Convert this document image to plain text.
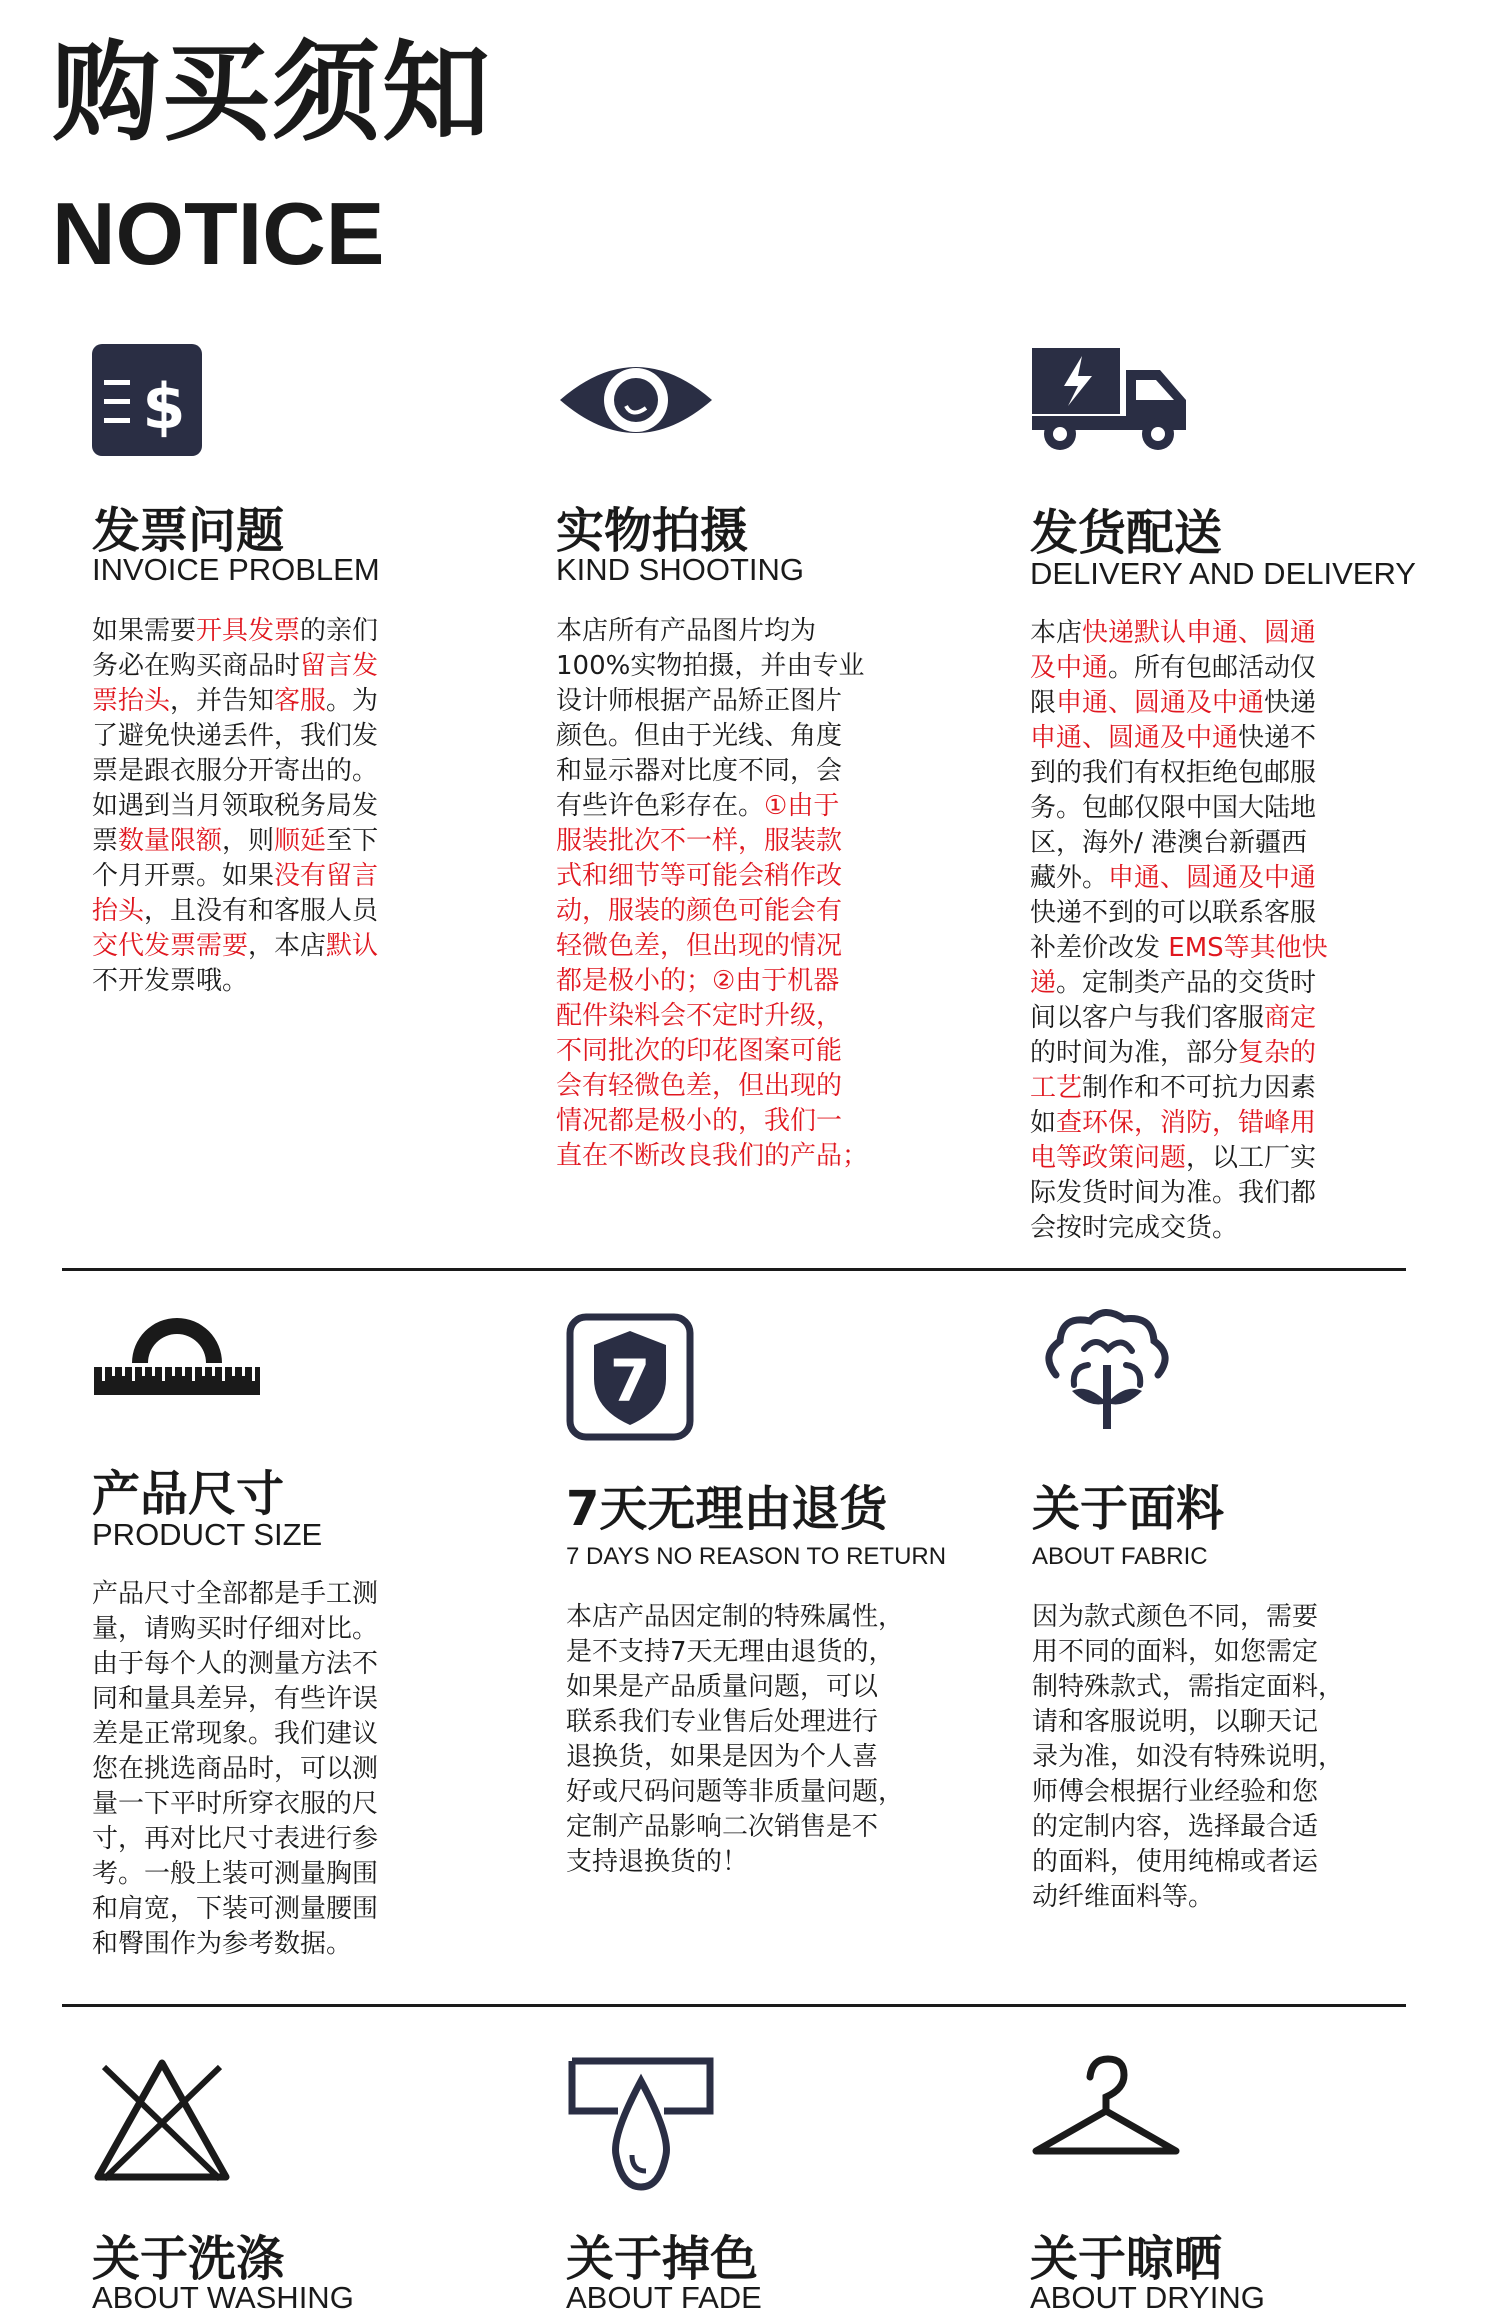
购买须知
NOTICE
$
发票问题
INVOICE PROBLEM
如果需要开具发票的亲们
务必在购买商品时留言发
票抬头，并告知客服。为
了避免快递丢件，我们发
票是跟衣服分开寄出的。
如遇到当月领取税务局发
票数量限额，则顺延至下
个月开票。如果没有留言
抬头，且没有和客服人员
交代发票需要，本店默认
不开发票哦。
实物拍摄
KIND SHOOTING
本店所有产品图片均为
100%实物拍摄，并由专业
设计师根据产品矫正图片
颜色。但由于光线、角度
和显示器对比度不同，会
有些许色彩存在。①由于
服装批次不一样，服装款
式和细节等可能会稍作改
动，服装的颜色可能会有
轻微色差，但出现的情况
都是极小的；②由于机器
配件染料会不定时升级，
不同批次的印花图案可能
会有轻微色差，但出现的
情况都是极小的，我们一
直在不断改良我们的产品；
发货配送
DELIVERY AND DELIVERY
本店快递默认申通、圆通
及中通。所有包邮活动仅
限申通、圆通及中通快递
申通、圆通及中通快递不
到的我们有权拒绝包邮服
务。包邮仅限中国大陆地
区，海外/ 港澳台新疆西
藏外。申通、圆通及中通
快递不到的可以联系客服
补差价改发 EMS等其他快
递。定制类产品的交货时
间以客户与我们客服商定
的时间为准，部分复杂的
工艺制作和不可抗力因素
如查环保，消防，错峰用
电等政策问题，以工厂实
际发货时间为准。我们都
会按时完成交货。
产品尺寸
PRODUCT SIZE
产品尺寸全部都是手工测
量，请购买时仔细对比。
由于每个人的测量方法不
同和量具差异，有些许误
差是正常现象。我们建议
您在挑选商品时，可以测
量一下平时所穿衣服的尺
寸，再对比尺寸表进行参
考。一般上装可测量胸围
和肩宽，下装可测量腰围
和臀围作为参考数据。
7
7天无理由退货
7 DAYS NO REASON TO RETURN
本店产品因定制的特殊属性，
是不支持7天无理由退货的，
如果是产品质量问题，可以
联系我们专业售后处理进行
退换货，如果是因为个人喜
好或尺码问题等非质量问题，
定制产品影响二次销售是不
支持退换货的！
关于面料
ABOUT FABRIC
因为款式颜色不同，需要
用不同的面料，如您需定
制特殊款式，需指定面料，
请和客服说明，以聊天记
录为准，如没有特殊说明，
师傅会根据行业经验和您
的定制内容，选择最合适
的面料，使用纯棉或者运
动纤维面料等。
关于洗涤
ABOUT WASHING
关于掉色
ABOUT FADE
关于晾晒
ABOUT DRYING
